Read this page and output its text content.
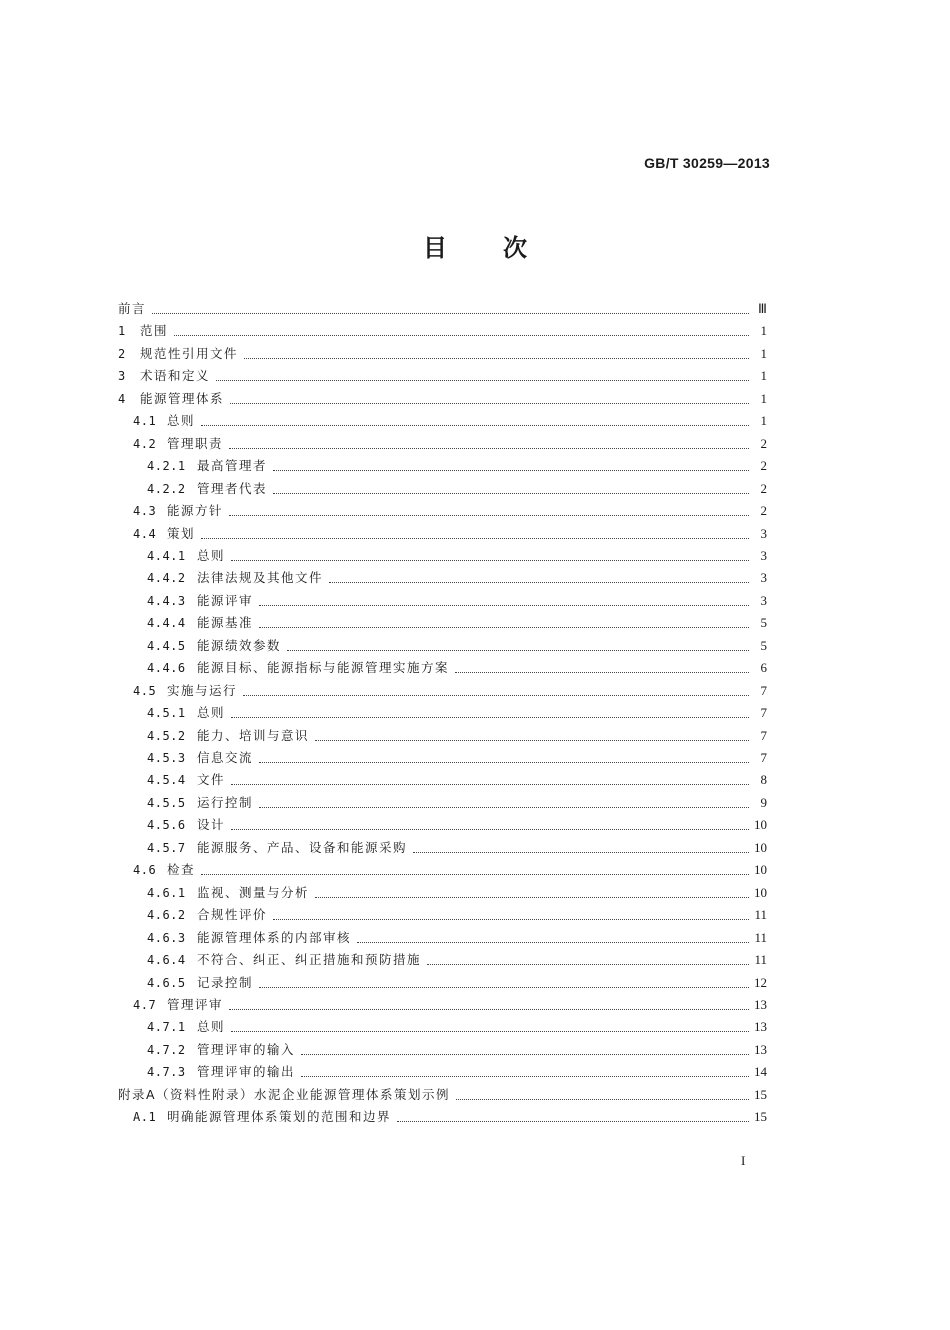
GB/T 30259—2013
目 次
前言	Ⅲ
1	范围	1
2	规范性引用文件	1
3	术语和定义	1
4	能源管理体系	1
4.1 总则	1
4.2 管理职责	2
4.2.1 最高管理者	2
4.2.2 管理者代表	2
4.3 能源方针	2
4.4 策划	3
4.4.1 总则	3
4.4.2 法律法规及其他文件	3
4.4.3 能源评审	3
4.4.4 能源基准	5
4.4.5 能源绩效参数	5
4.4.6 能源目标、能源指标与能源管理实施方案	6
4.5 实施与运行	7
4.5.1 总则	7
4.5.2 能力、培训与意识	7
4.5.3 信息交流	7
4.5.4 文件	8
4.5.5 运行控制	9
4.5.6 设计	10
4.5.7 能源服务、产品、设备和能源采购	10
4.6 检查	10
4.6.1 监视、测量与分析	10
4.6.2 合规性评价	11
4.6.3 能源管理体系的内部审核	11
4.6.4 不符合、纠正、纠正措施和预防措施	11
4.6.5 记录控制	12
4.7 管理评审	13
4.7.1 总则	13
4.7.2 管理评审的输入	13
4.7.3 管理评审的输出	14
附录A（资料性附录）水泥企业能源管理体系策划示例	15
A.1 明确能源管理体系策划的范围和边界	15
I
